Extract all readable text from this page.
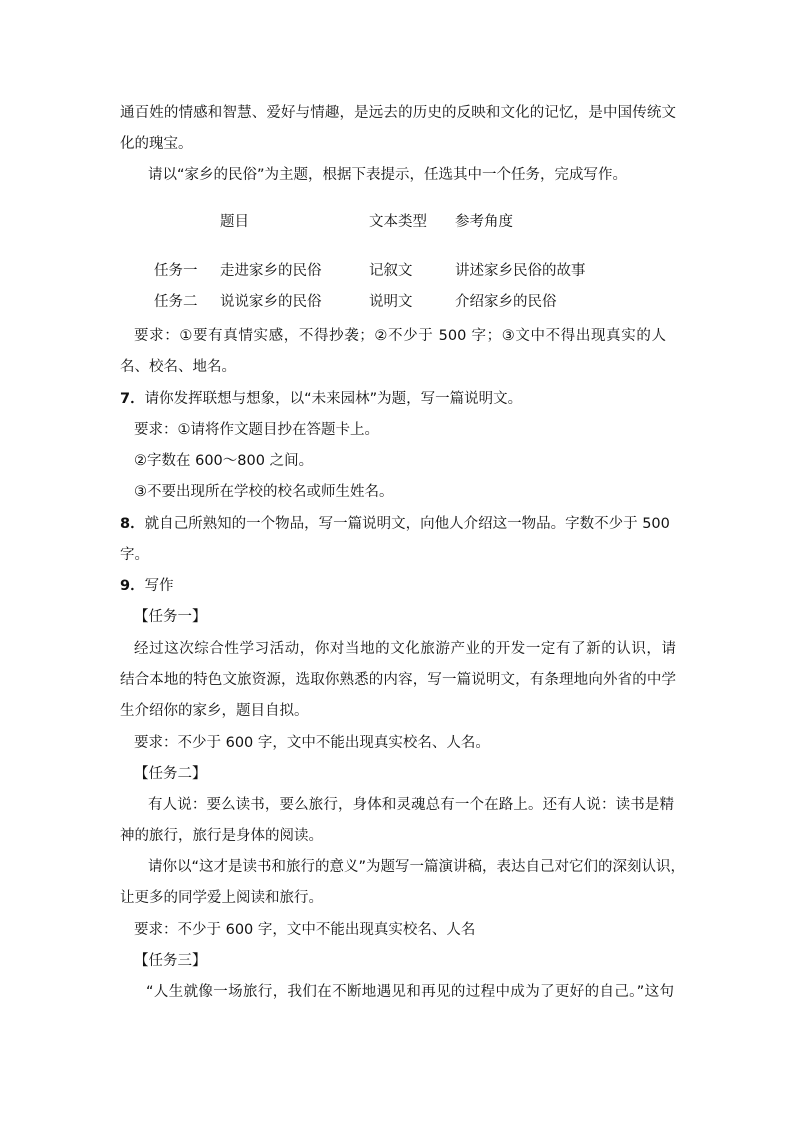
通百姓的情感和智慧、爱好与情趣，是远去的历史的反映和文化的记忆，是中国传统文
化的瑰宝。
请以“家乡的民俗”为主题，根据下表提示，任选其中一个任务，完成写作。
题目	文本类型 参考角度
任务一 走进家乡的民俗	记叙文	讲述家乡民俗的故事
任务二 说说家乡的民俗	说明文	介绍家乡的民俗
要求：①要有真情实感，不得抄袭；②不少于 500 字；③文中不得出现真实的人
名、校名、地名。
7．请你发挥联想与想象，以“未来园林”为题，写一篇说明文。
要求：①请将作文题目抄在答题卡上。
②字数在 600～800 之间。
③不要出现所在学校的校名或师生姓名。
8．就自己所熟知的一个物品，写一篇说明文，向他人介绍这一物品。字数不少于 500
字。
9．写作
【任务一】
经过这次综合性学习活动，你对当地的文化旅游产业的开发一定有了新的认识，请
结合本地的特色文旅资源，选取你熟悉的内容，写一篇说明文，有条理地向外省的中学
生介绍你的家乡，题目自拟。
要求：不少于 600 字，文中不能出现真实校名、人名。
【任务二】
有人说：要么读书，要么旅行，身体和灵魂总有一个在路上。还有人说：读书是精
神的旅行，旅行是身体的阅读。
请你以“这才是读书和旅行的意义”为题写一篇演讲稿，表达自己对它们的深刻认识，
让更多的同学爱上阅读和旅行。
要求：不少于 600 字，文中不能出现真实校名、人名
【任务三】
“人生就像一场旅行，我们在不断地遇见和再见的过程中成为了更好的自己。”这句
